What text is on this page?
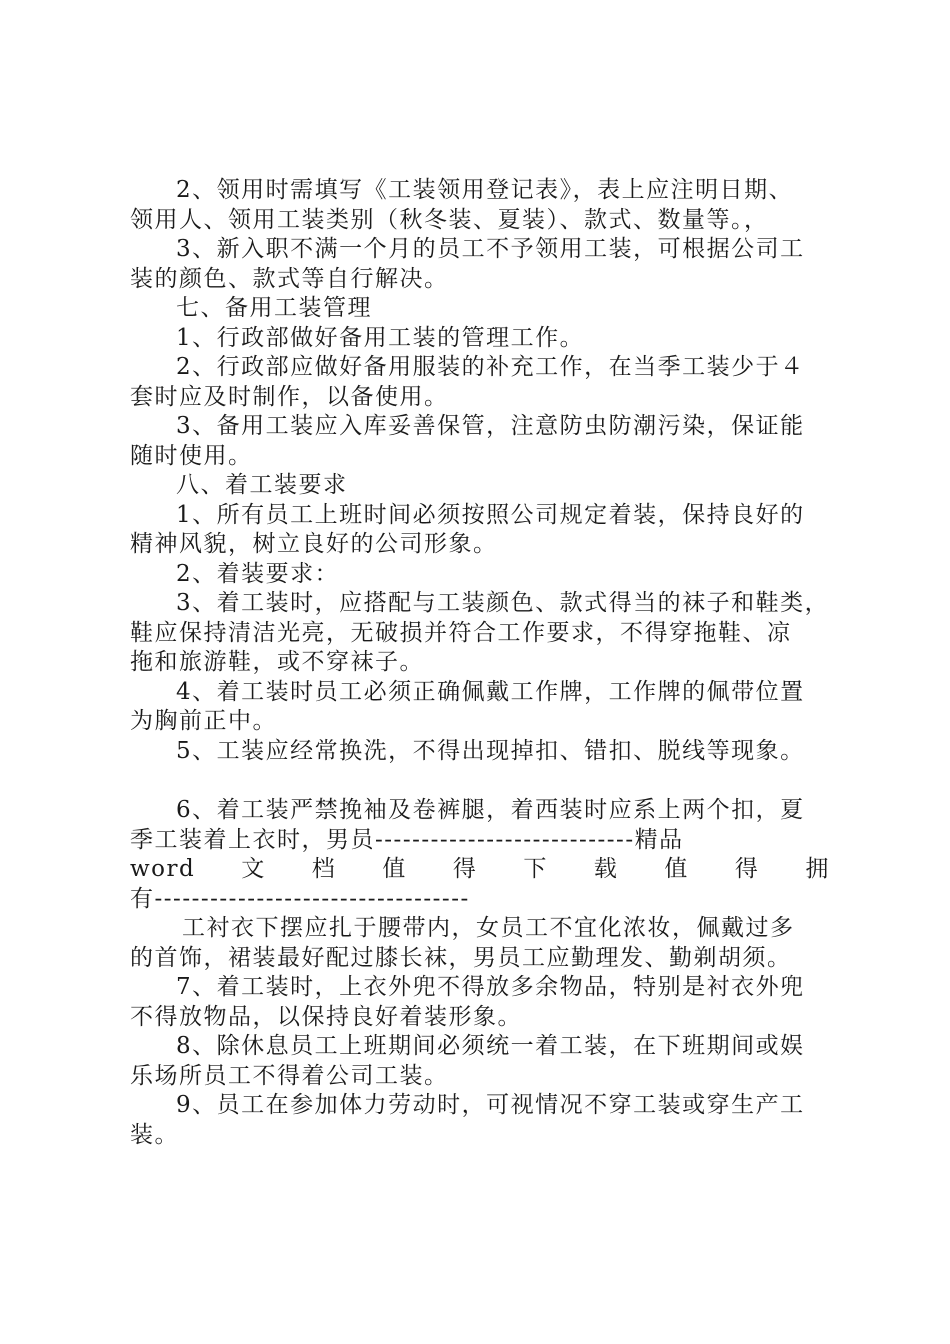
2、领用时需填写《工装领用登记表》，表上应注明日期、
领用人、领用工装类别（秋冬装、夏装）、款式、数量等。，
3、新入职不满一个月的员工不予领用工装，可根据公司工
装的颜色、款式等自行解决。
七、备用工装管理
1、行政部做好备用工装的管理工作。
2、行政部应做好备用服装的补充工作，在当季工装少于４
套时应及时制作，以备使用。
3、备用工装应入库妥善保管，注意防虫防潮污染，保证能
随时使用。
八、着工装要求
1、所有员工上班时间必须按照公司规定着装，保持良好的
精神风貌，树立良好的公司形象。
2、着装要求：
3、着工装时，应搭配与工装颜色、款式得当的袜子和鞋类，
鞋应保持清洁光亮，无破损并符合工作要求，不得穿拖鞋、凉
拖和旅游鞋，或不穿袜子。
4、着工装时员工必须正确佩戴工作牌，工作牌的佩带位置
为胸前正中。
5、工装应经常换洗，不得出现掉扣、错扣、脱线等现象。
6、着工装严禁挽袖及卷裤腿，着西装时应系上两个扣，夏
季工装着上衣时，男员----------------------------精品
word 文 档 值 得 下 载 值 得 拥
有----------------------------------
工衬衣下摆应扎于腰带内，女员工不宜化浓妆，佩戴过多
的首饰，裙装最好配过膝长袜，男员工应勤理发、勤剃胡须。
7、着工装时，上衣外兜不得放多余物品，特别是衬衣外兜
不得放物品，以保持良好着装形象。
8、除休息员工上班期间必须统一着工装，在下班期间或娱
乐场所员工不得着公司工装。
9、员工在参加体力劳动时，可视情况不穿工装或穿生产工
装。
